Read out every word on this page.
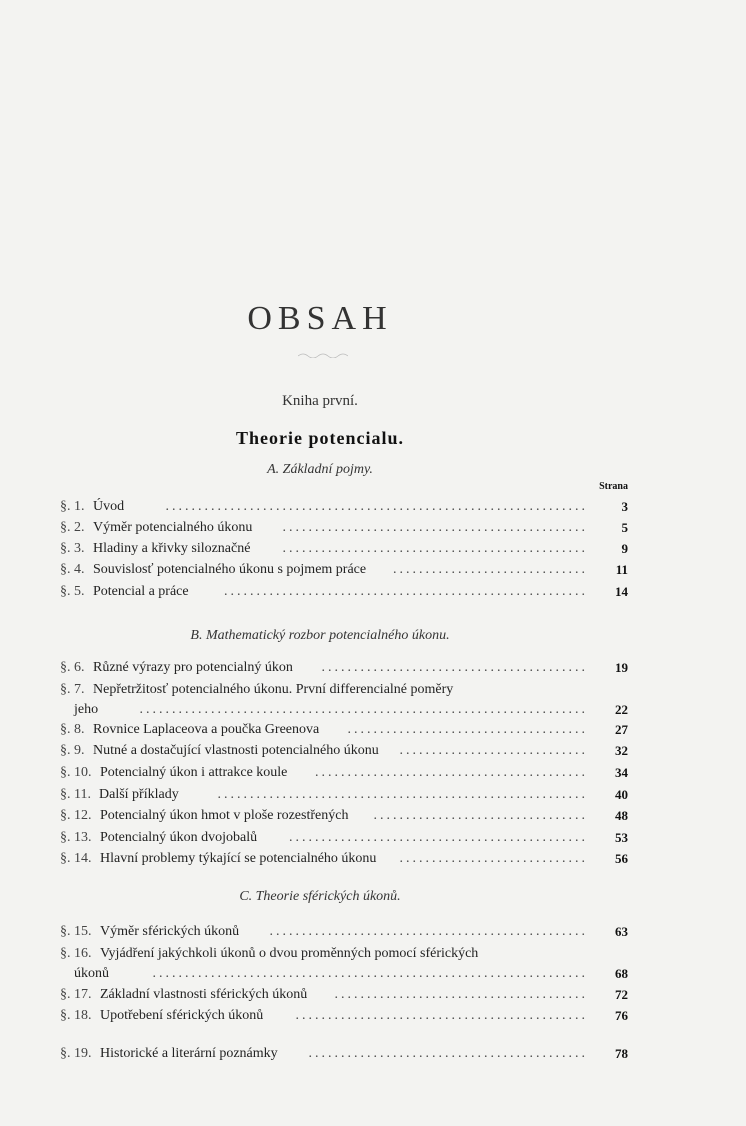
OBSAH
Kniha první.
Theorie potencialu.
A. Základní pojmy.
Strana
B. Mathematický rozbor potencialného úkonu.
C. Theorie sférických úkonů.
§. 1. Úvod	3
.................................................................
§. 2. Výměr potencialného úkonu	5
...............................................
§. 3. Hladiny a křivky siloznačné	9
...............................................
§. 4. Souvislosť potencialného úkonu s pojmem práce	11
..............................
§. 5. Potencial a práce	14
........................................................
§. 6. Různé výrazy pro potencialný úkon	19
.........................................
§. 7. Nepřetržitosť potencialného úkonu. První differencialné poměry
jeho	22
.....................................................................
§. 8. Rovnice Laplaceova a poučka Greenova	27
.....................................
§. 9. Nutné a dostačující vlastnosti potencialného úkonu	32
.............................
§. 10. Potencialný úkon i attrakce koule	34
..........................................
§. 11. Další příklady	40
.........................................................
§. 12. Potencialný úkon hmot v ploše rozestřených	48
.................................
§. 13. Potencialný úkon dvojobalů	53
..............................................
§. 14. Hlavní problemy týkající se potencialného úkonu	56
.............................
§. 15. Výměr sférických úkonů	63
.................................................
§. 16. Vyjádření jakýchkoli úkonů o dvou proměnných pomocí sférických
úkonů	68
...................................................................
§. 17. Základní vlastnosti sférických úkonů	72
.......................................
§. 18. Upotřebení sférických úkonů	76
.............................................
§. 19. Historické a literární poznámky	78
...........................................
